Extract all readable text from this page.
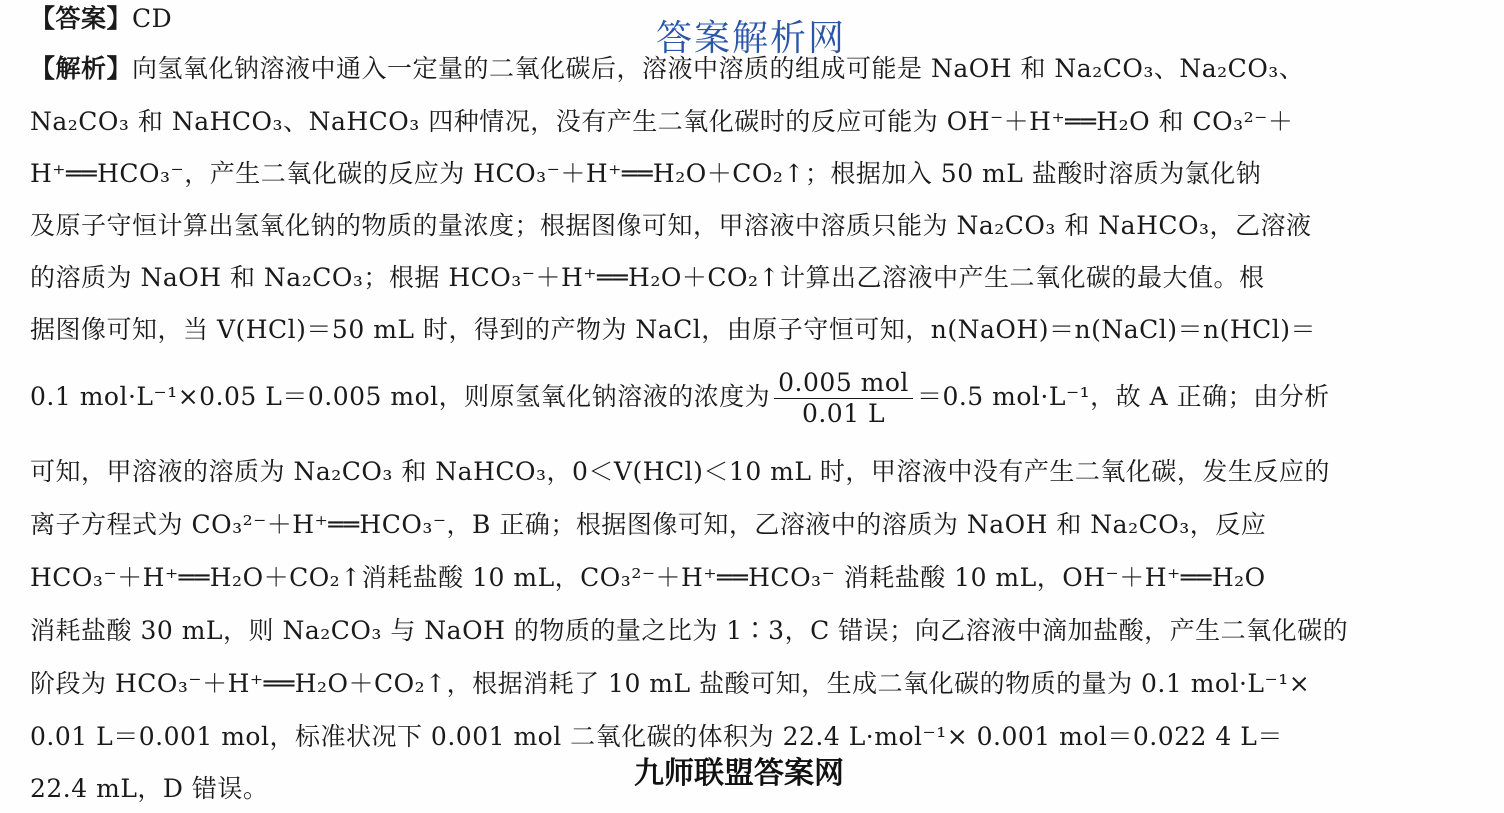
答案解析网
【答案】CD
【解析】向氢氧化钠溶液中通入一定量的二氧化碳后，溶液中溶质的组成可能是 NaOH 和 Na₂CO₃、Na₂CO₃、
Na₂CO₃ 和 NaHCO₃、NaHCO₃ 四种情况，没有产生二氧化碳时的反应可能为 OH⁻＋H⁺══H₂O 和 CO₃²⁻＋
H⁺══HCO₃⁻，产生二氧化碳的反应为 HCO₃⁻＋H⁺══H₂O＋CO₂↑；根据加入 50 mL 盐酸时溶质为氯化钠
及原子守恒计算出氢氧化钠的物质的量浓度；根据图像可知，甲溶液中溶质只能为 Na₂CO₃ 和 NaHCO₃，乙溶液
的溶质为 NaOH 和 Na₂CO₃；根据 HCO₃⁻＋H⁺══H₂O＋CO₂↑计算出乙溶液中产生二氧化碳的最大值。根
据图像可知，当 V(HCl)＝50 mL 时，得到的产物为 NaCl，由原子守恒可知，n(NaOH)＝n(NaCl)＝n(HCl)＝
0.1 mol·L⁻¹×0.05 L＝0.005 mol，则原氢氧化钠溶液的浓度为 $\frac{\text{0.005 mol}}{0.01 L} =0.5$ mol·L⁻¹，故 A 正确；由分析
可知，甲溶液的溶质为 Na₂CO₃ 和 NaHCO₃，0＜V(HCl)＜10 mL 时，甲溶液中没有产生二氧化碳，发生反应的
离子方程式为 CO₃²⁻＋H⁺══HCO₃⁻，B 正确；根据图像可知，乙溶液中的溶质为 NaOH 和 Na₂CO₃，反应
HCO₃⁻＋H⁺══H₂O＋CO₂↑消耗盐酸 10 mL，CO₃²⁻＋H⁺══HCO₃⁻ 消耗盐酸 10 mL，OH⁻＋H⁺══H₂O
消耗盐酸 30 mL，则 Na₂CO₃ 与 NaOH 的物质的量之比为 1∶3，C 错误；向乙溶液中滴加盐酸，产生二氧化碳的
阶段为 HCO₃⁻＋H⁺══H₂O＋CO₂↑，根据消耗了 10 mL 盐酸可知，生成二氧化碳的物质的量为 0.1 mol·L⁻¹×
0.01 L＝0.001 mol，标准状况下 0.001 mol 二氧化碳的体积为 22.4 L·mol⁻¹× 0.001 mol＝0.022 4 L＝
22.4 mL，D 错误。	九师联盟答案网
